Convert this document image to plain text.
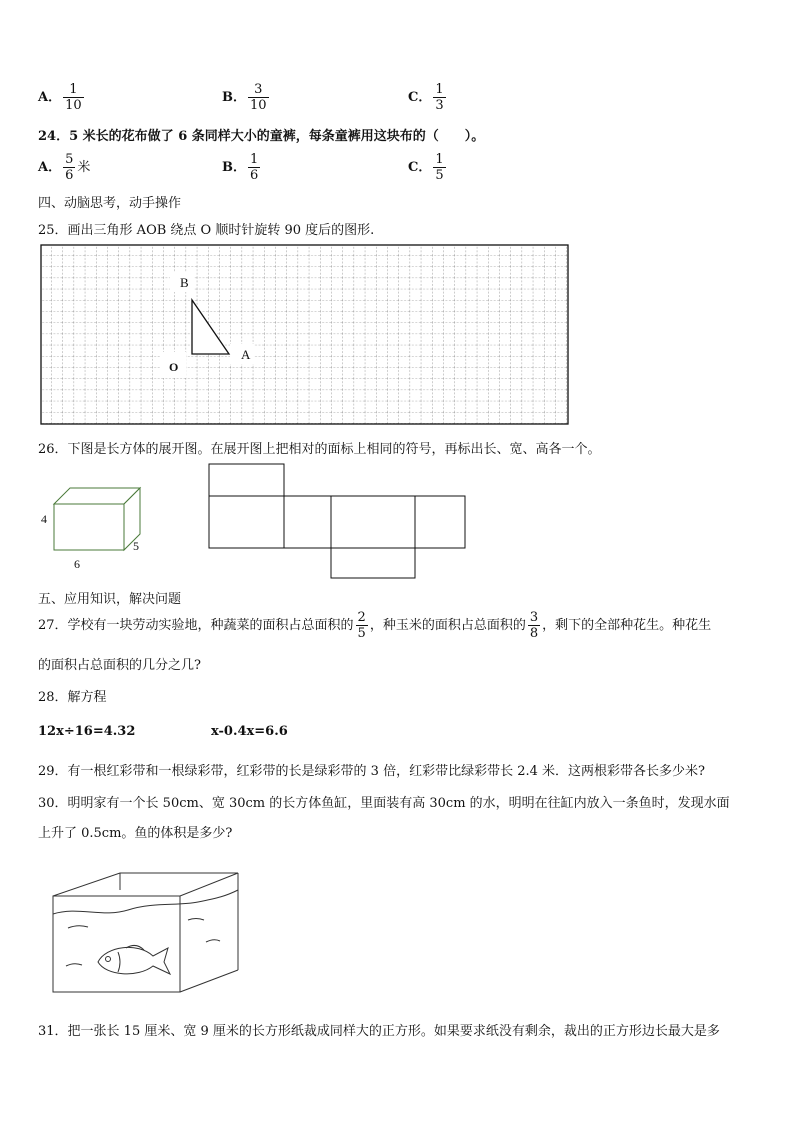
A． $\frac{1}{10}$	B． $\frac{3}{10}$	C． $\frac{1}{3}$
24．5 米长的花布做了 6 条同样大小的童裤，每条童裤用这块布的（　　）。
A． $\frac{5}{6}$ 米	B． $\frac{1}{6}$	C． $\frac{1}{5}$
四、动脑思考，动手操作
25．画出三角形 AOB 绕点 O 顺时针旋转 90 度后的图形.
B
A
O
26．下图是长方体的展开图。在展开图上把相对的面标上相同的符号，再标出长、宽、高各一个。
4
6
5
五、应用知识，解决问题
27．学校有一块劳动实验地，种蔬菜的面积占总面积的 $\frac{2}{5}$ ，种玉米的面积占总面积的 $\frac{3}{8}$ ，剩下的全部种花生。种花生
的面积占总面积的几分之几?
28．解方程
12x÷16=4.32	x-0.4x=6.6
29．有一根红彩带和一根绿彩带，红彩带的长是绿彩带的 3 倍，红彩带比绿彩带长 2.4 米．这两根彩带各长多少米?
30．明明家有一个长 50cm、宽 30cm 的长方体鱼缸，里面装有高 30cm 的水，明明在往缸内放入一条鱼时，发现水面
上升了 0.5cm。鱼的体积是多少?
31．把一张长 15 厘米、宽 9 厘米的长方形纸裁成同样大的正方形。如果要求纸没有剩余，裁出的正方形边长最大是多
